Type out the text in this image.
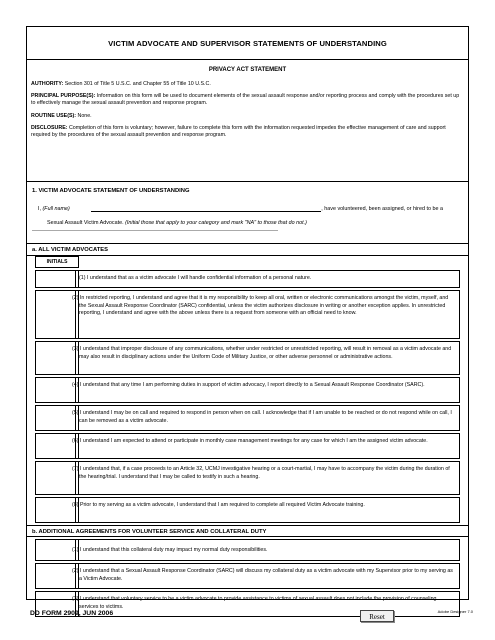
VICTIM ADVOCATE AND SUPERVISOR STATEMENTS OF UNDERSTANDING
PRIVACY ACT STATEMENT

AUTHORITY: Section 301 of Title 5 U.S.C. and Chapter 55 of Title 10 U.S.C.

PRINCIPAL PURPOSE(S): Information on this form will be used to document elements of the sexual assault response and/or reporting process and comply with the procedures set up to effectively manage the sexual assault prevention and response program.

ROUTINE USE(S): None.

DISCLOSURE: Completion of this form is voluntary; however, failure to complete this form with the information requested impedes the effective management of care and support required by the procedures of the sexual assault prevention and response program.

1. VICTIM ADVOCATE STATEMENT OF UNDERSTANDING
I, (Full name)	, have volunteered, been assigned, or hired to be a
Sexual Assault Victim Advocate. (Initial those that apply to your category and mark "NA" to those that do not.)
a. ALL VICTIM ADVOCATES
INITIALS
(1) I understand that as a victim advocate I will handle confidential information of a personal nature.
(2) In restricted reporting, I understand and agree that it is my responsibility to keep all oral, written or electronic communications amongst the victim, myself, and the Sexual Assault Response Coordinator (SARC) confidential, unless the victim authorizes disclosure in writing or another exception applies. In unrestricted reporting, I understand and agree with the above unless there is a request from someone with an official need to know.
(3) I understand that improper disclosure of any communications, whether under restricted or unrestricted reporting, will result in removal as a victim advocate and may also result in disciplinary actions under the Uniform Code of Military Justice, or other adverse personnel or administrative actions.
(4) I understand that any time I am performing duties in support of victim advocacy, I report directly to a Sexual Assault Response Coordinator (SARC).
(5) I understand I may be on call and required to respond in person when on call. I acknowledge that if I am unable to be reached or do not respond while on call, I can be removed as a victim advocate.
(6) I understand I am expected to attend or participate in monthly case management meetings for any case for which I am the assigned victim advocate.
(7) I understand that, if a case proceeds to an Article 32, UCMJ investigative hearing or a court-martial, I may have to accompany the victim during the duration of the hearing/trial. I understand that I may be called to testify in such a hearing.
(8) Prior to my serving as a victim advocate, I understand that I am required to complete all required Victim Advocate training.
b. ADDITIONAL AGREEMENTS FOR VOLUNTEER SERVICE AND COLLATERAL DUTY
(1) I understand that this collateral duty may impact my normal duty responsibilities.
(2) I understand that a Sexual Assault Response Coordinator (SARC) will discuss my collateral duty as a victim advocate with my Supervisor prior to my serving as a Victim Advocate.
(3) I understand that voluntary service to be a victim advocate to provide assistance to victims of sexual assault does not include the provision of counseling services to victims.
DD FORM 2909, JUN 2006	Reset
Adobe Designer 7.0
